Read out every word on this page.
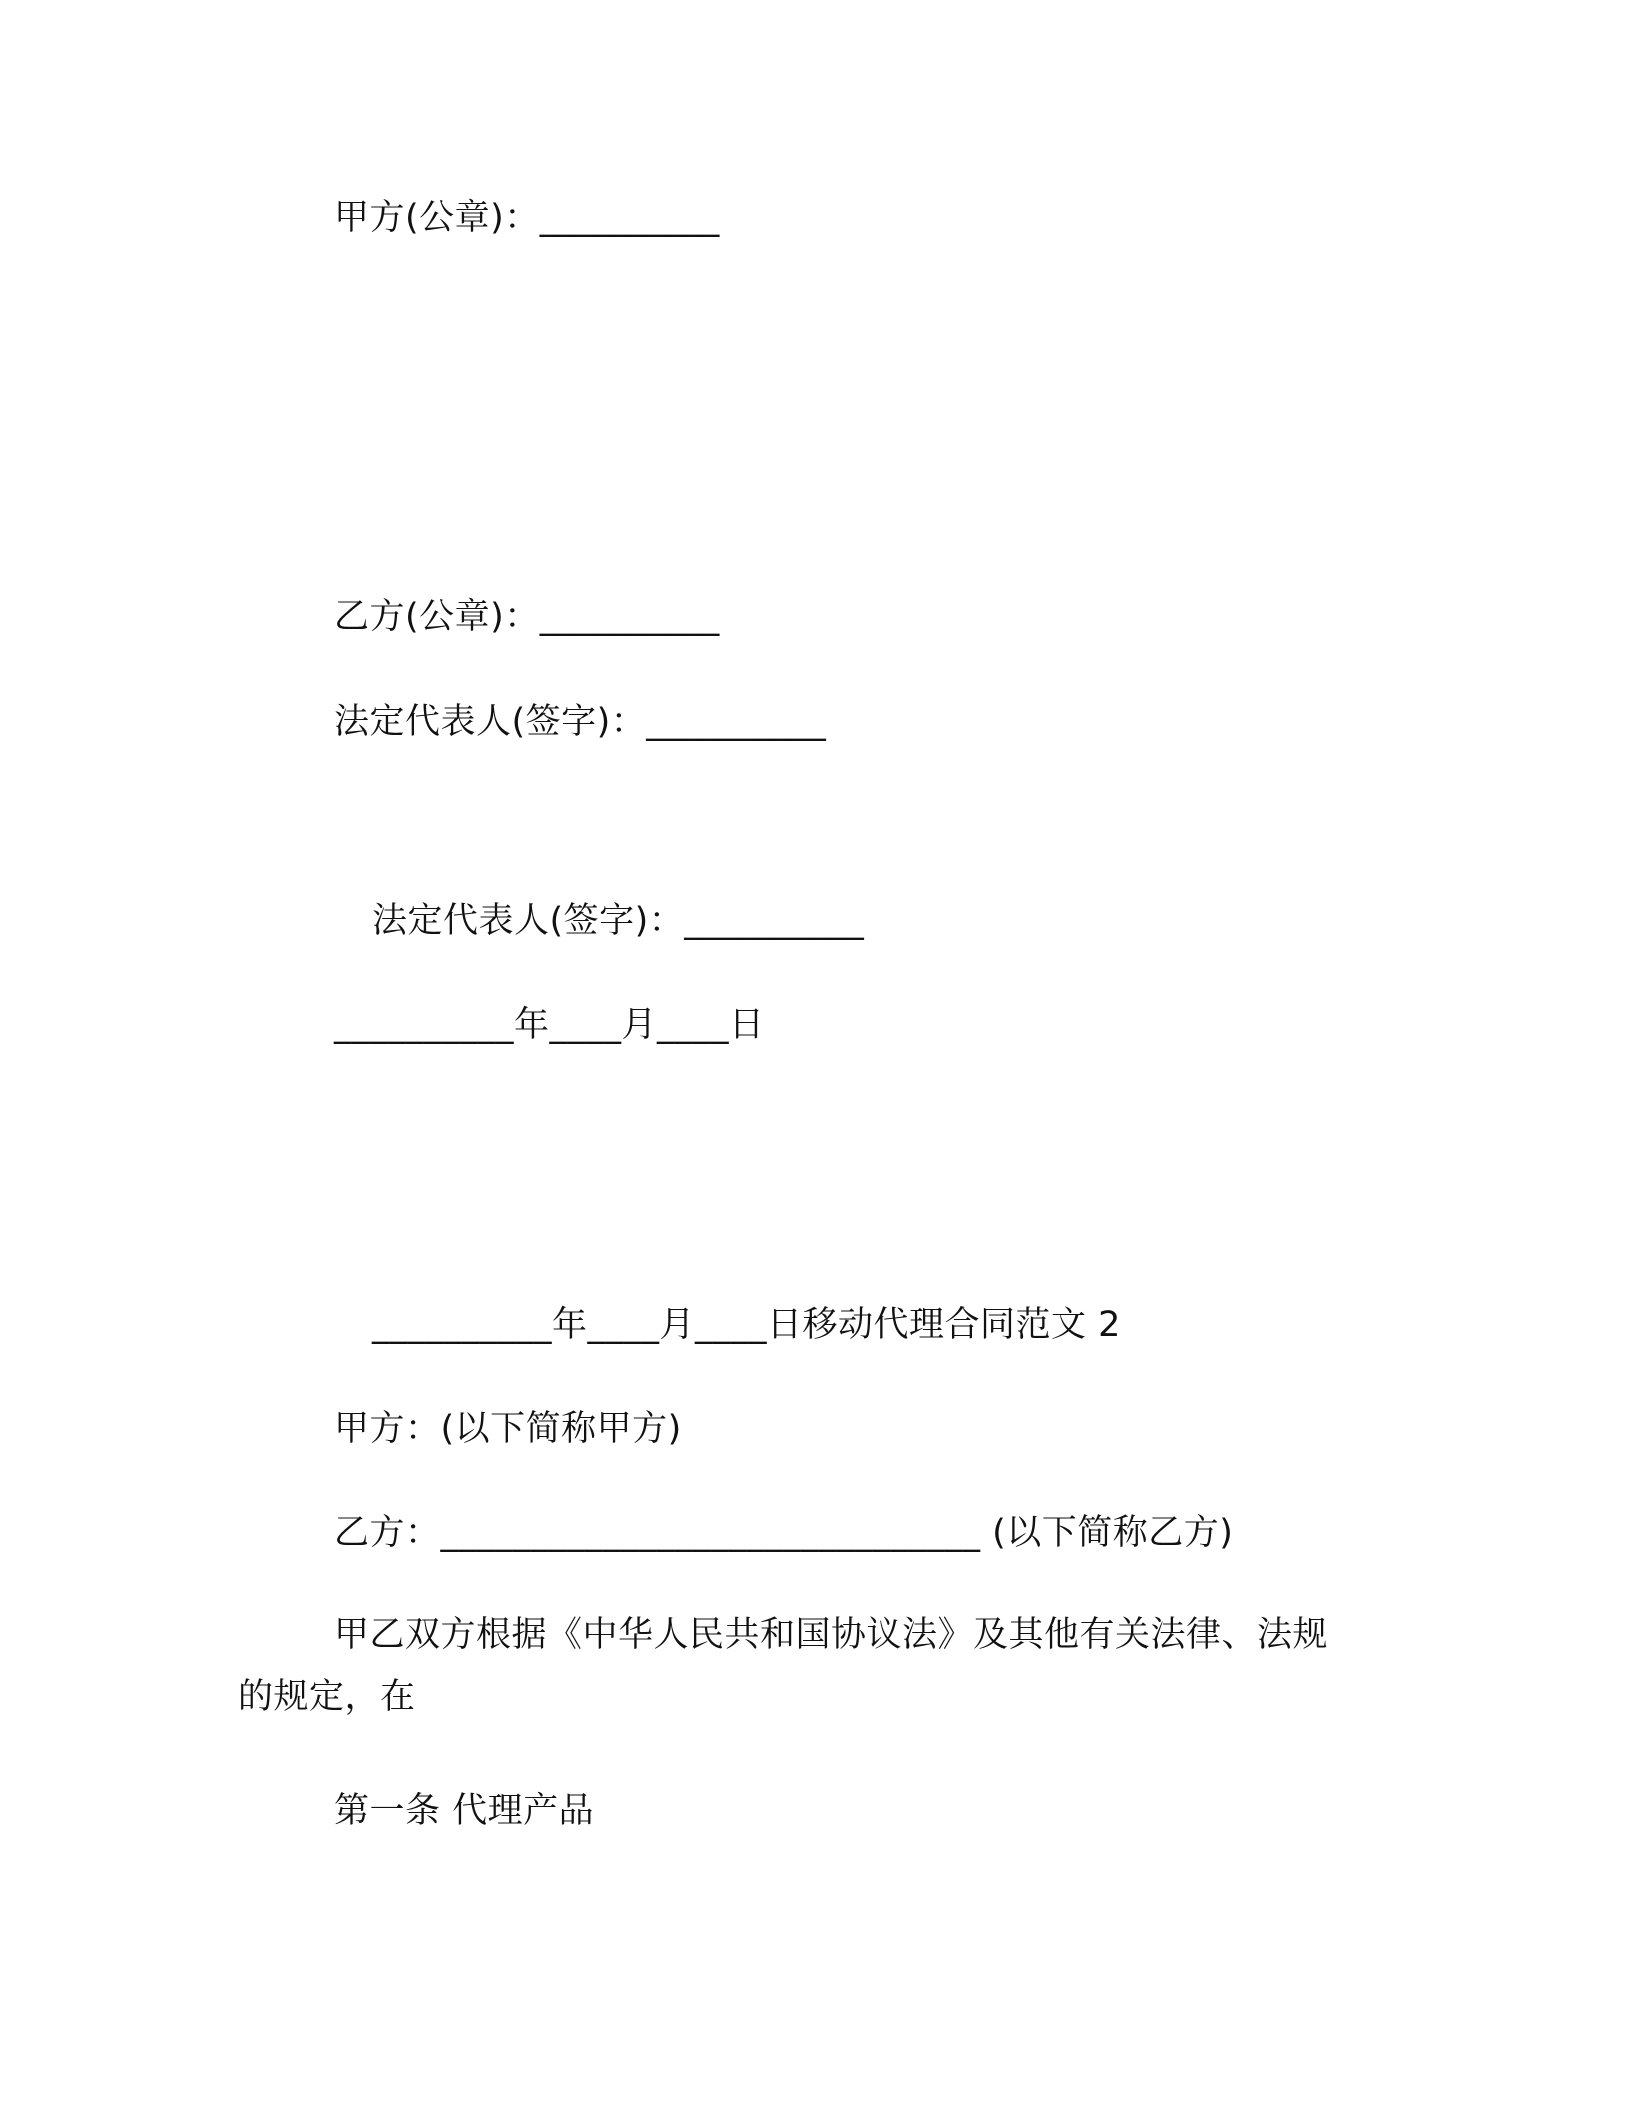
甲方(公章)：__________
乙方(公章)：__________
法定代表人(签字)：__________
法定代表人(签字)：__________
__________年____月____日
__________年____月____日移动代理合同范文 2
甲方：(以下简称甲方)
乙方：______________________________ (以下简称乙方)
甲乙双方根据《中华人民共和国协议法》及其他有关法律、法规
的规定，在
第一条 代理产品
